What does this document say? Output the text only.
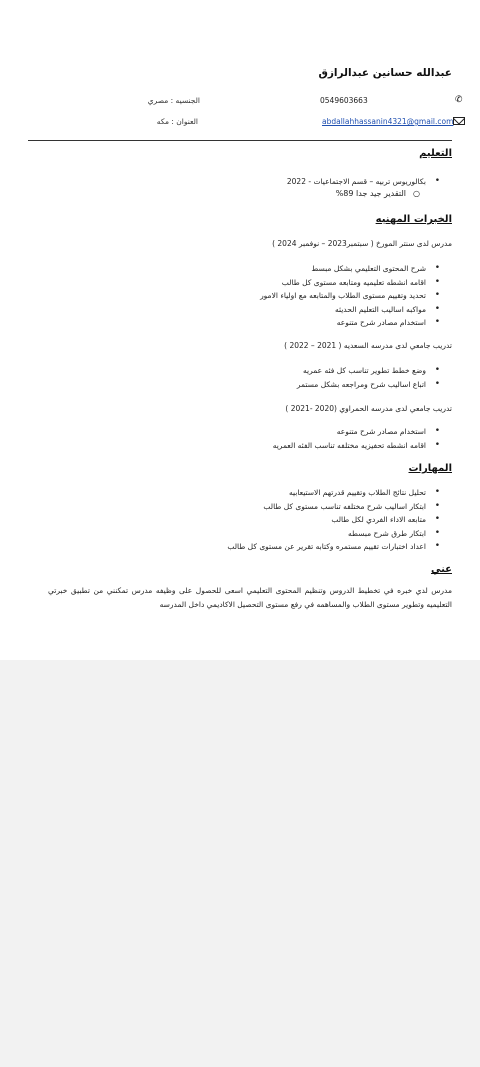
عبدالله حسانين عبدالرازق
✆
0549603663
abdallahhassanin4321@gmail.com
الجنسيه : مصري
العنوان : مكه
التعليم
• بكالوريوس تربيه – قسم الاجتماعيات - 2022
○
التقدير جيد جدا 89%
الخبرات المهنيه
مدرس لدى سنتر المورخ ( سبتمبر2023 – نوفمبر 2024 )
• شرح المحتوى التعليمي بشكل مبسط
• اقامه انشطه تعليميه ومتابعه مستوى كل طالب
• تحديد وتقييم مستوى الطلاب والمتابعه مع اولياء الامور
• مواكبه اساليب التعليم الحديثه
• استخدام مصادر شرح متنوعه
تدريب جامعي لدى مدرسه السعديه ( 2021 – 2022 )
• وضع خطط تطوير تناسب كل فئه عمريه
• اتباع اساليب شرح ومراجعه بشكل مستمر
تدريب جامعي لدى مدرسه الحمراوي (2020 -2021 )
• استخدام مصادر شرح متنوعه
• اقامه انشطه تحفيزيه مختلفه تناسب الفئه العمريه
المهارات
• تحليل نتائج الطلاب وتقييم قدرتهم الاستيعابيه
• ابتكار اساليب شرح مختلفه تناسب مستوى كل طالب
• متابعه الاداء الفردي لكل طالب
• ابتكار طرق شرح مبسطه
• اعداد اختبارات تقييم مستمره وكتابه تقرير عن مستوى كل طالب
عني
مدرس لدي خبره في تخطيط الدروس وتنظيم المحتوى التعليمي اسعى للحصول على وظيفه مدرس تمكنني من تطبيق خبرتي التعليميه وتطوير مستوى الطلاب والمساهمه في رفع مستوى التحصيل الاكاديمي داخل المدرسه
